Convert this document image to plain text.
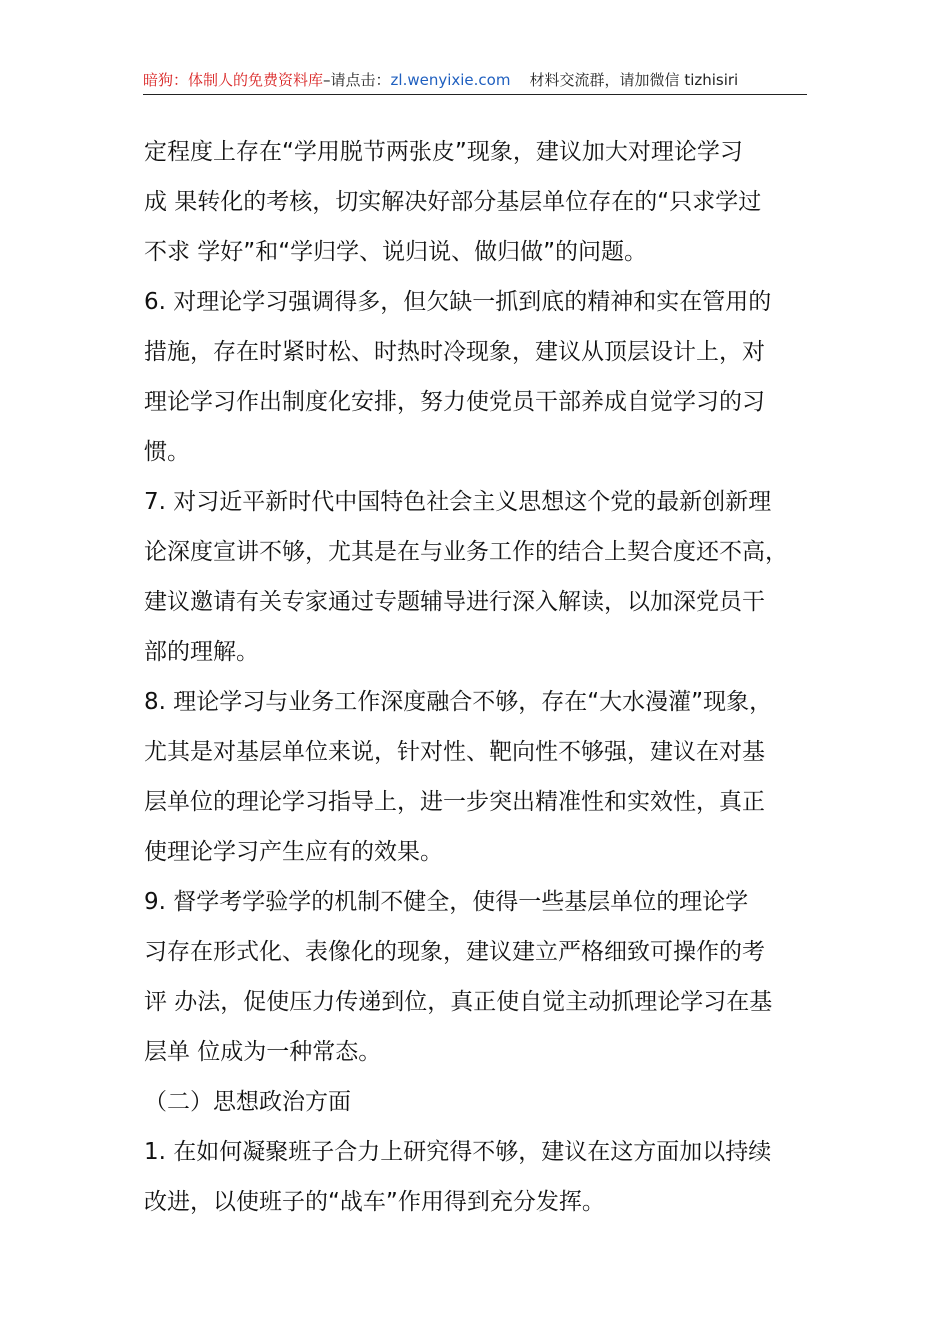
暗狗：体制人的免费资料库–请点击：zl.wenyixie.com 材料交流群，请加微信 tizhisiri
定程度上存在“学用脱节两张皮”现象，建议加大对理论学习
成 果转化的考核，切实解决好部分基层单位存在的“只求学过
不求 学好”和“学归学、说归说、做归做”的问题。
6. 对理论学习强调得多，但欠缺一抓到底的精神和实在管用的
措施，存在时紧时松、时热时冷现象，建议从顶层设计上，对
理论学习作出制度化安排，努力使党员干部养成自觉学习的习
惯。
7. 对习近平新时代中国特色社会主义思想这个党的最新创新理
论深度宣讲不够，尤其是在与业务工作的结合上契合度还不高，
建议邀请有关专家通过专题辅导进行深入解读，以加深党员干
部的理解。
8. 理论学习与业务工作深度融合不够，存在“大水漫灌”现象，
尤其是对基层单位来说，针对性、靶向性不够强，建议在对基
层单位的理论学习指导上，进一步突出精准性和实效性，真正
使理论学习产生应有的效果。
9. 督学考学验学的机制不健全，使得一些基层单位的理论学
习存在形式化、表像化的现象，建议建立严格细致可操作的考
评 办法，促使压力传递到位，真正使自觉主动抓理论学习在基
层单 位成为一种常态。
（二）思想政治方面
1. 在如何凝聚班子合力上研究得不够，建议在这方面加以持续
改进，以使班子的“战车”作用得到充分发挥。
